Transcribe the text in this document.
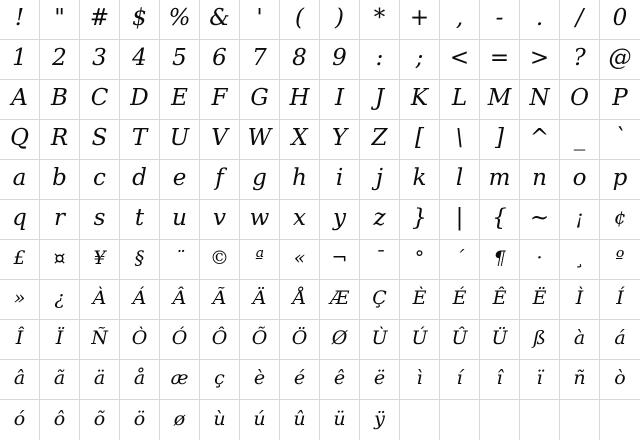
! " # $ % & ' ( ) * + , - . / 0
1 2 3 4 5 6 7 8 9 : ; < = > ? @
A B C D E F G H I J K L M N O P
Q R S T U V W X Y Z [ \ ] ^ _ `
a b c d e f g h i j k l m n o p
q r s t u v w x y z } | { ~ ¡ ¢
£ ¤ ¥ § ¨ © ª « ¬ ¯ ° ´ ¶ · ¸ º
» ¿ À Á Â Ã Ä Å Æ Ç È É Ê Ë Ì Í
Î Ï Ñ Ò Ó Ô Õ Ö Ø Ù Ú Û Ü ß à á
â ã ä å æ ç è é ê ë ì í î ï ñ ò
ó ô õ ö ø ù ú û ü ÿ
